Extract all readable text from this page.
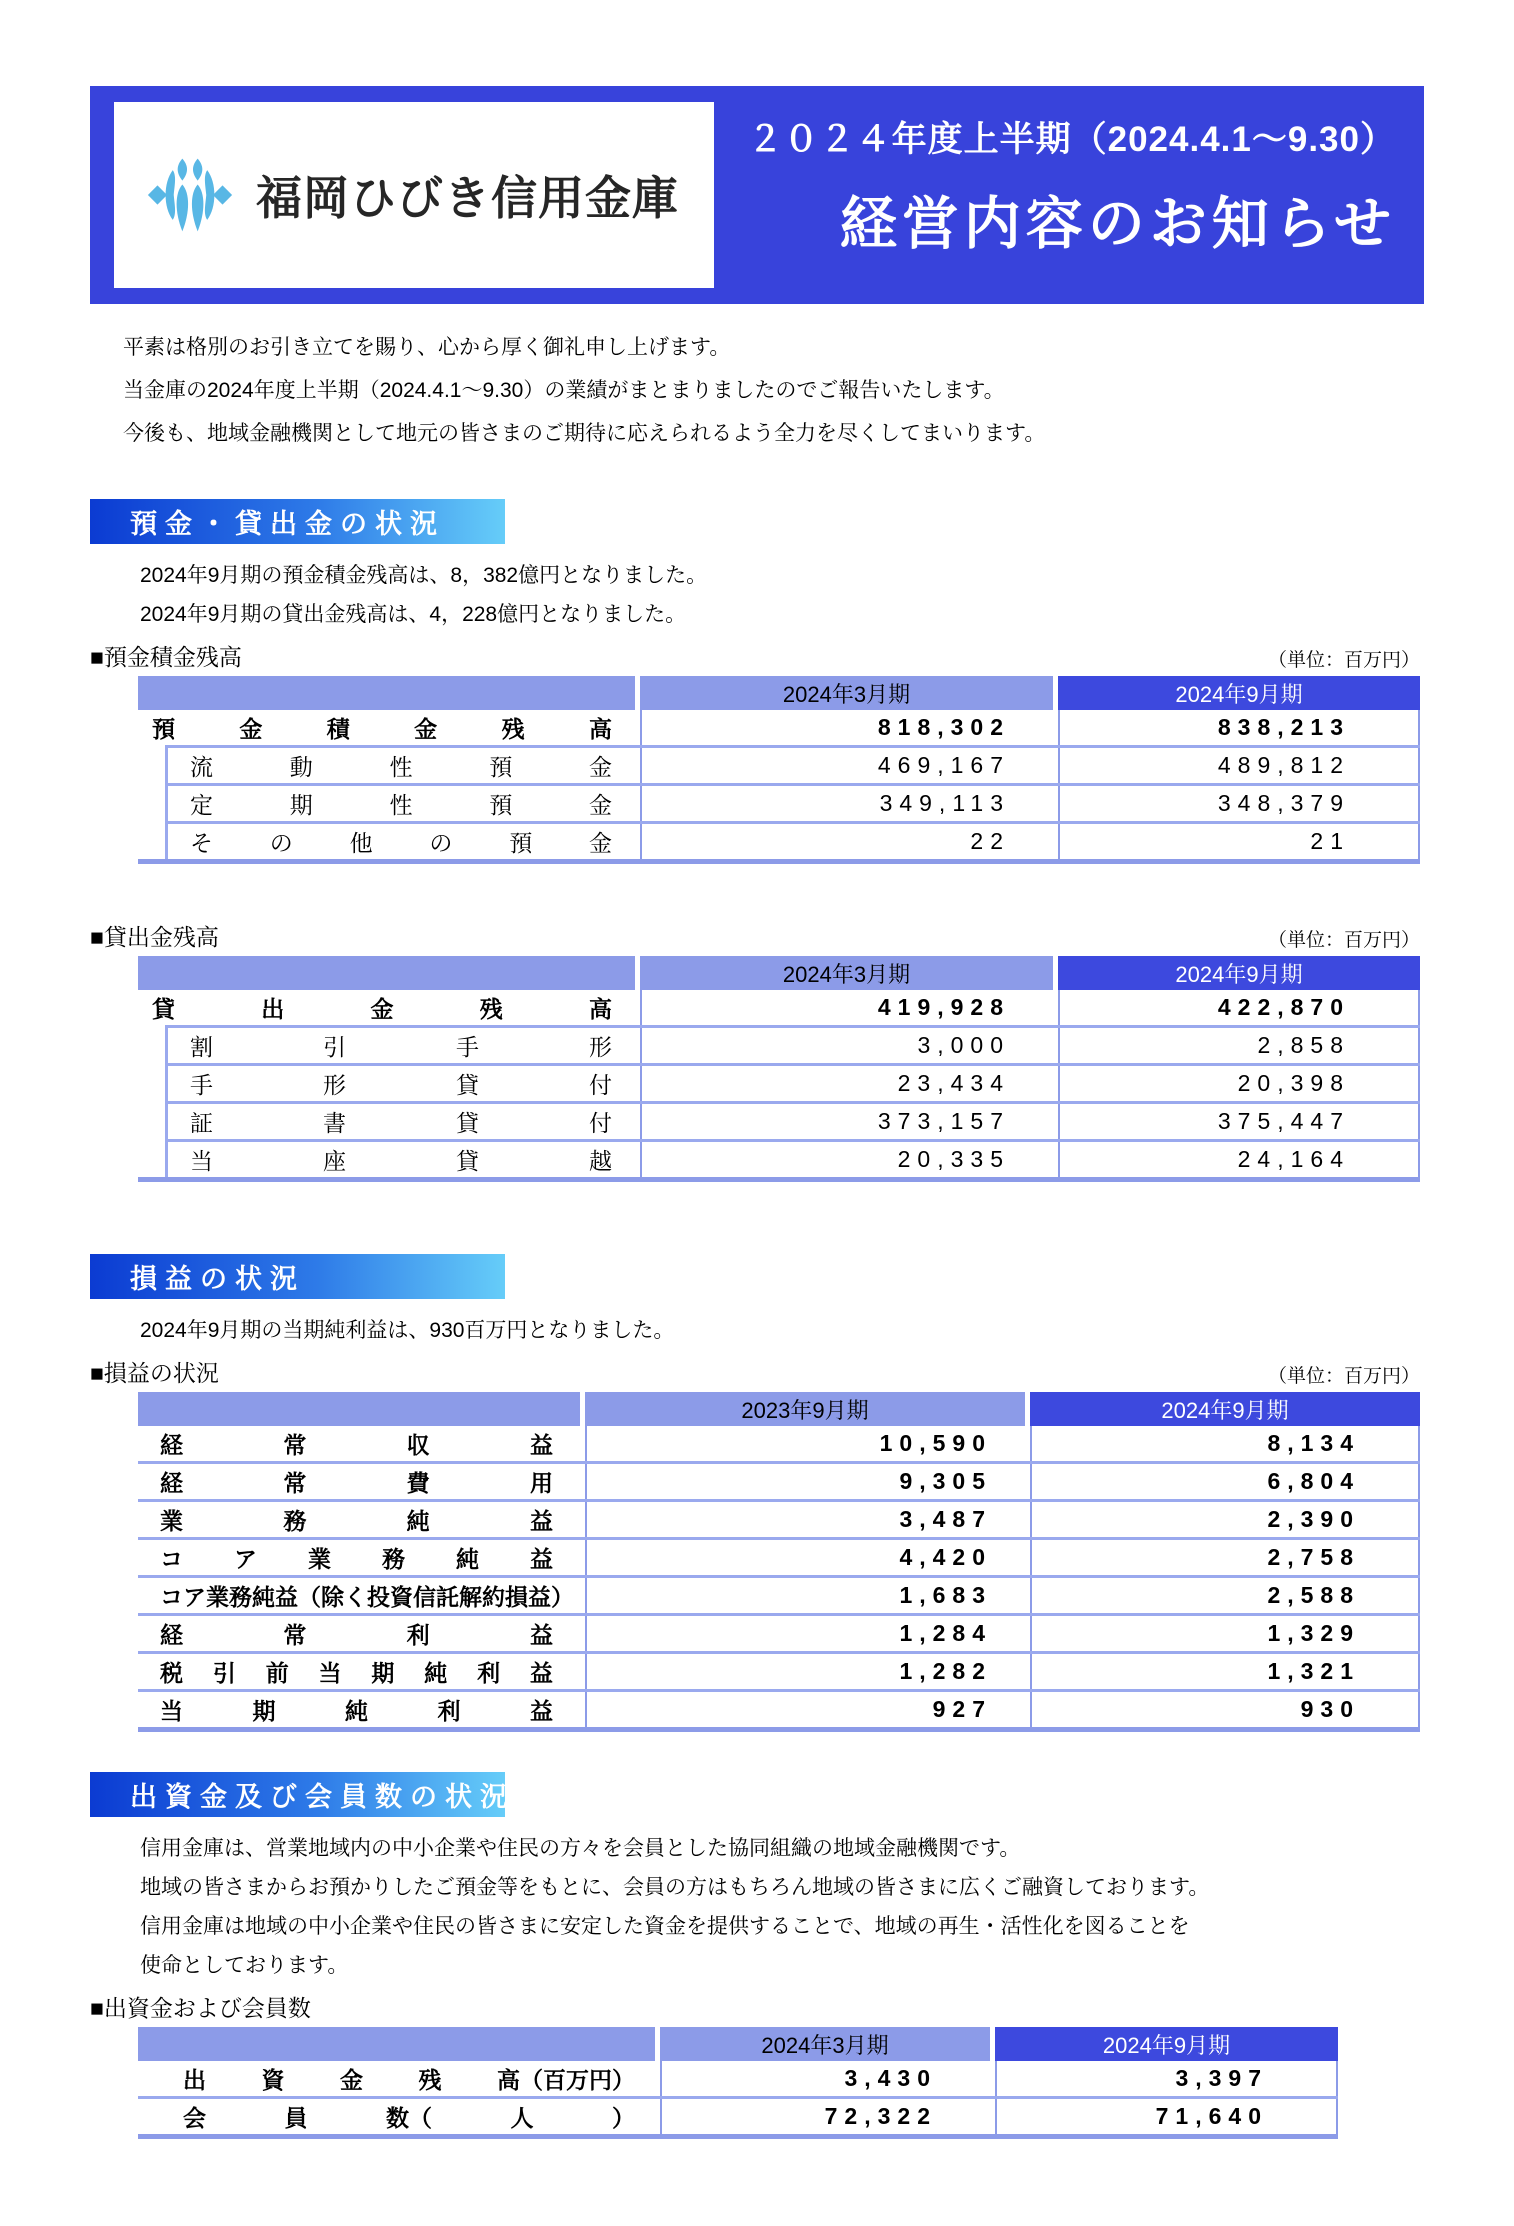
福岡ひびき信用金庫
２０２４年度上半期（2024.4.1～9.30）
経営内容のお知らせ
平素は格別のお引き立てを賜り、心から厚く御礼申し上げます。
当金庫の2024年度上半期（2024.4.1～9.30）の業績がまとまりましたのでご報告いたします。
今後も、地域金融機関として地元の皆さまのご期待に応えられるよう全力を尽くしてまいります。
預金・貸出金の状況
2024年9月期の預金積金残高は、8，382億円となりました。
2024年9月期の貸出金残高は、4，228億円となりました。
■預金積金残高	（単位：百万円）
2024年3月期	2024年9月期
預	金	積	金	残	高	818,302	838,213
流	動	性	預	金	469,167	489,812
定	期	性	預	金	349,113	348,379
そ の 他 の 預 金	22	21
■貸出金残高	（単位：百万円）
2024年3月期	2024年9月期
貸	出	金	残	高	419,928	422,870
割	引	手	形	3,000	2,858
手	形	貸	付	23,434	20,398
証	書	貸	付	373,157	375,447
当	座	貸	越	20,335	24,164
損益の状況
2024年9月期の当期純利益は、930百万円となりました。
■損益の状況	（単位：百万円）
2023年9月期	2024年9月期
経	常	収	益	10,590	8,134
経	常	費	用	9,305	6,804
業	務	純	益	3,487	2,390
コ ア 業 務 純 益	4,420	2,758
コア業務純益（除く投資信託解約損益）	1,683	2,588
経	常	利	益	1,284	1,329
税 引 前 当 期 純 利 益	1,282	1,321
当	期	純	利	益	927	930
出資金及び会員数の状況
信用金庫は、営業地域内の中小企業や住民の方々を会員とした協同組織の地域金融機関です。
地域の皆さまからお預かりしたご預金等をもとに、会員の方はもちろん地域の皆さまに広くご融資しております。
信用金庫は地域の中小企業や住民の皆さまに安定した資金を提供することで、地域の再生・活性化を図ることを
使命としております。
■出資金および会員数
2024年3月期	2024年9月期
出 資 金 残 高（百万円）	3,430	3,397
会	員	数（	人	）	72,322	71,640
